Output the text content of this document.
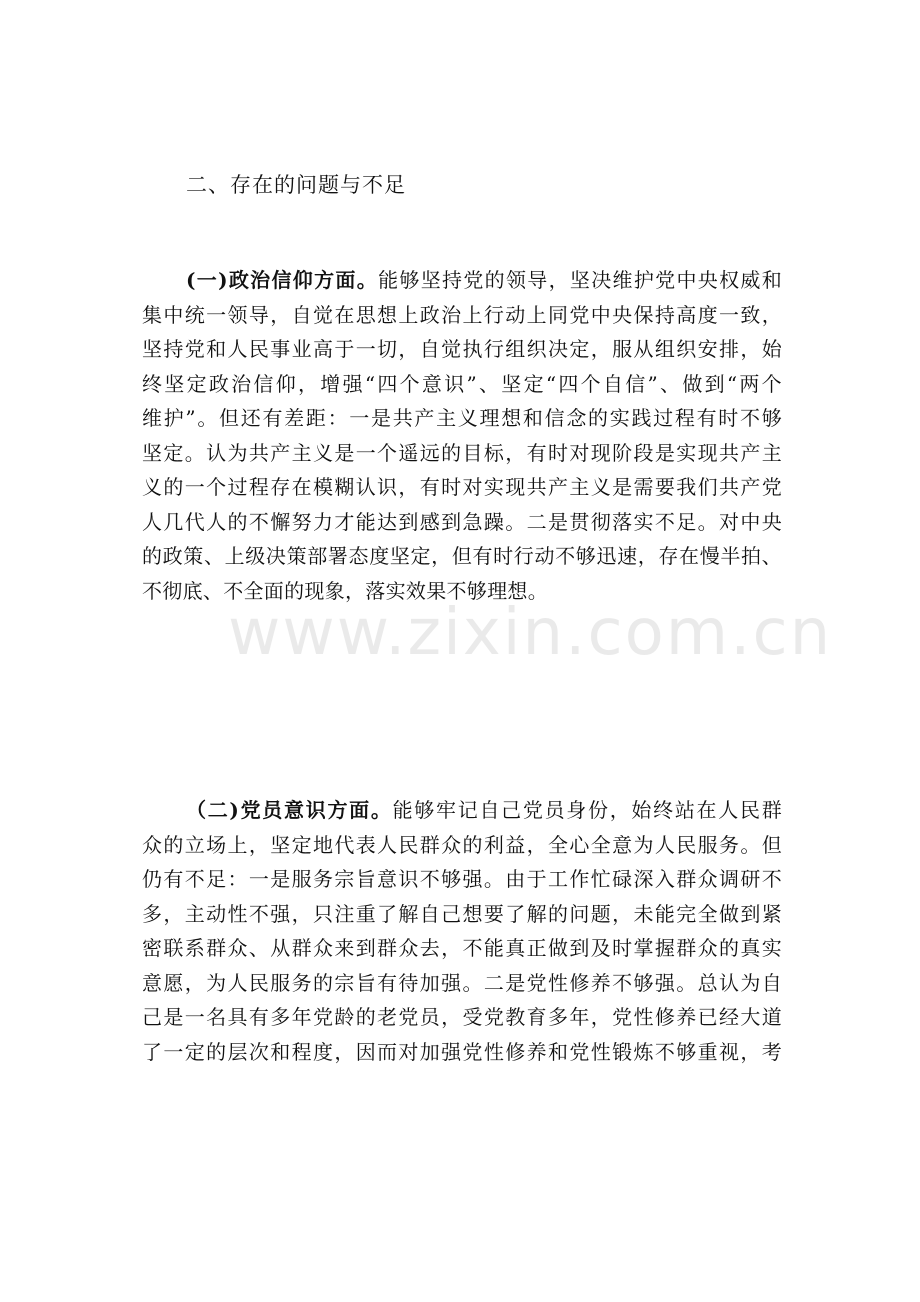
www.zixin.com.cn
二、存在的问题与不足
(一)政治信仰方面。能够坚持党的领导，坚决维护党中央权威和
集中统一领导，自觉在思想上政治上行动上同党中央保持高度一致，
坚持党和人民事业高于一切，自觉执行组织决定，服从组织安排，始
终坚定政治信仰，增强“四个意识”、坚定“四个自信”、做到“两个
维护”。但还有差距：一是共产主义理想和信念的实践过程有时不够
坚定。认为共产主义是一个遥远的目标，有时对现阶段是实现共产主
义的一个过程存在模糊认识，有时对实现共产主义是需要我们共产党
人几代人的不懈努力才能达到感到急躁。二是贯彻落实不足。对中央
的政策、上级决策部署态度坚定，但有时行动不够迅速，存在慢半拍、
不彻底、不全面的现象，落实效果不够理想。
（二)党员意识方面。能够牢记自己党员身份，始终站在人民群
众的立场上，坚定地代表人民群众的利益，全心全意为人民服务。但
仍有不足：一是服务宗旨意识不够强。由于工作忙碌深入群众调研不
多，主动性不强，只注重了解自己想要了解的问题，未能完全做到紧
密联系群众、从群众来到群众去，不能真正做到及时掌握群众的真实
意愿，为人民服务的宗旨有待加强。二是党性修养不够强。总认为自
己是一名具有多年党龄的老党员，受党教育多年，党性修养已经大道
了一定的层次和程度，因而对加强党性修养和党性锻炼不够重视，考
